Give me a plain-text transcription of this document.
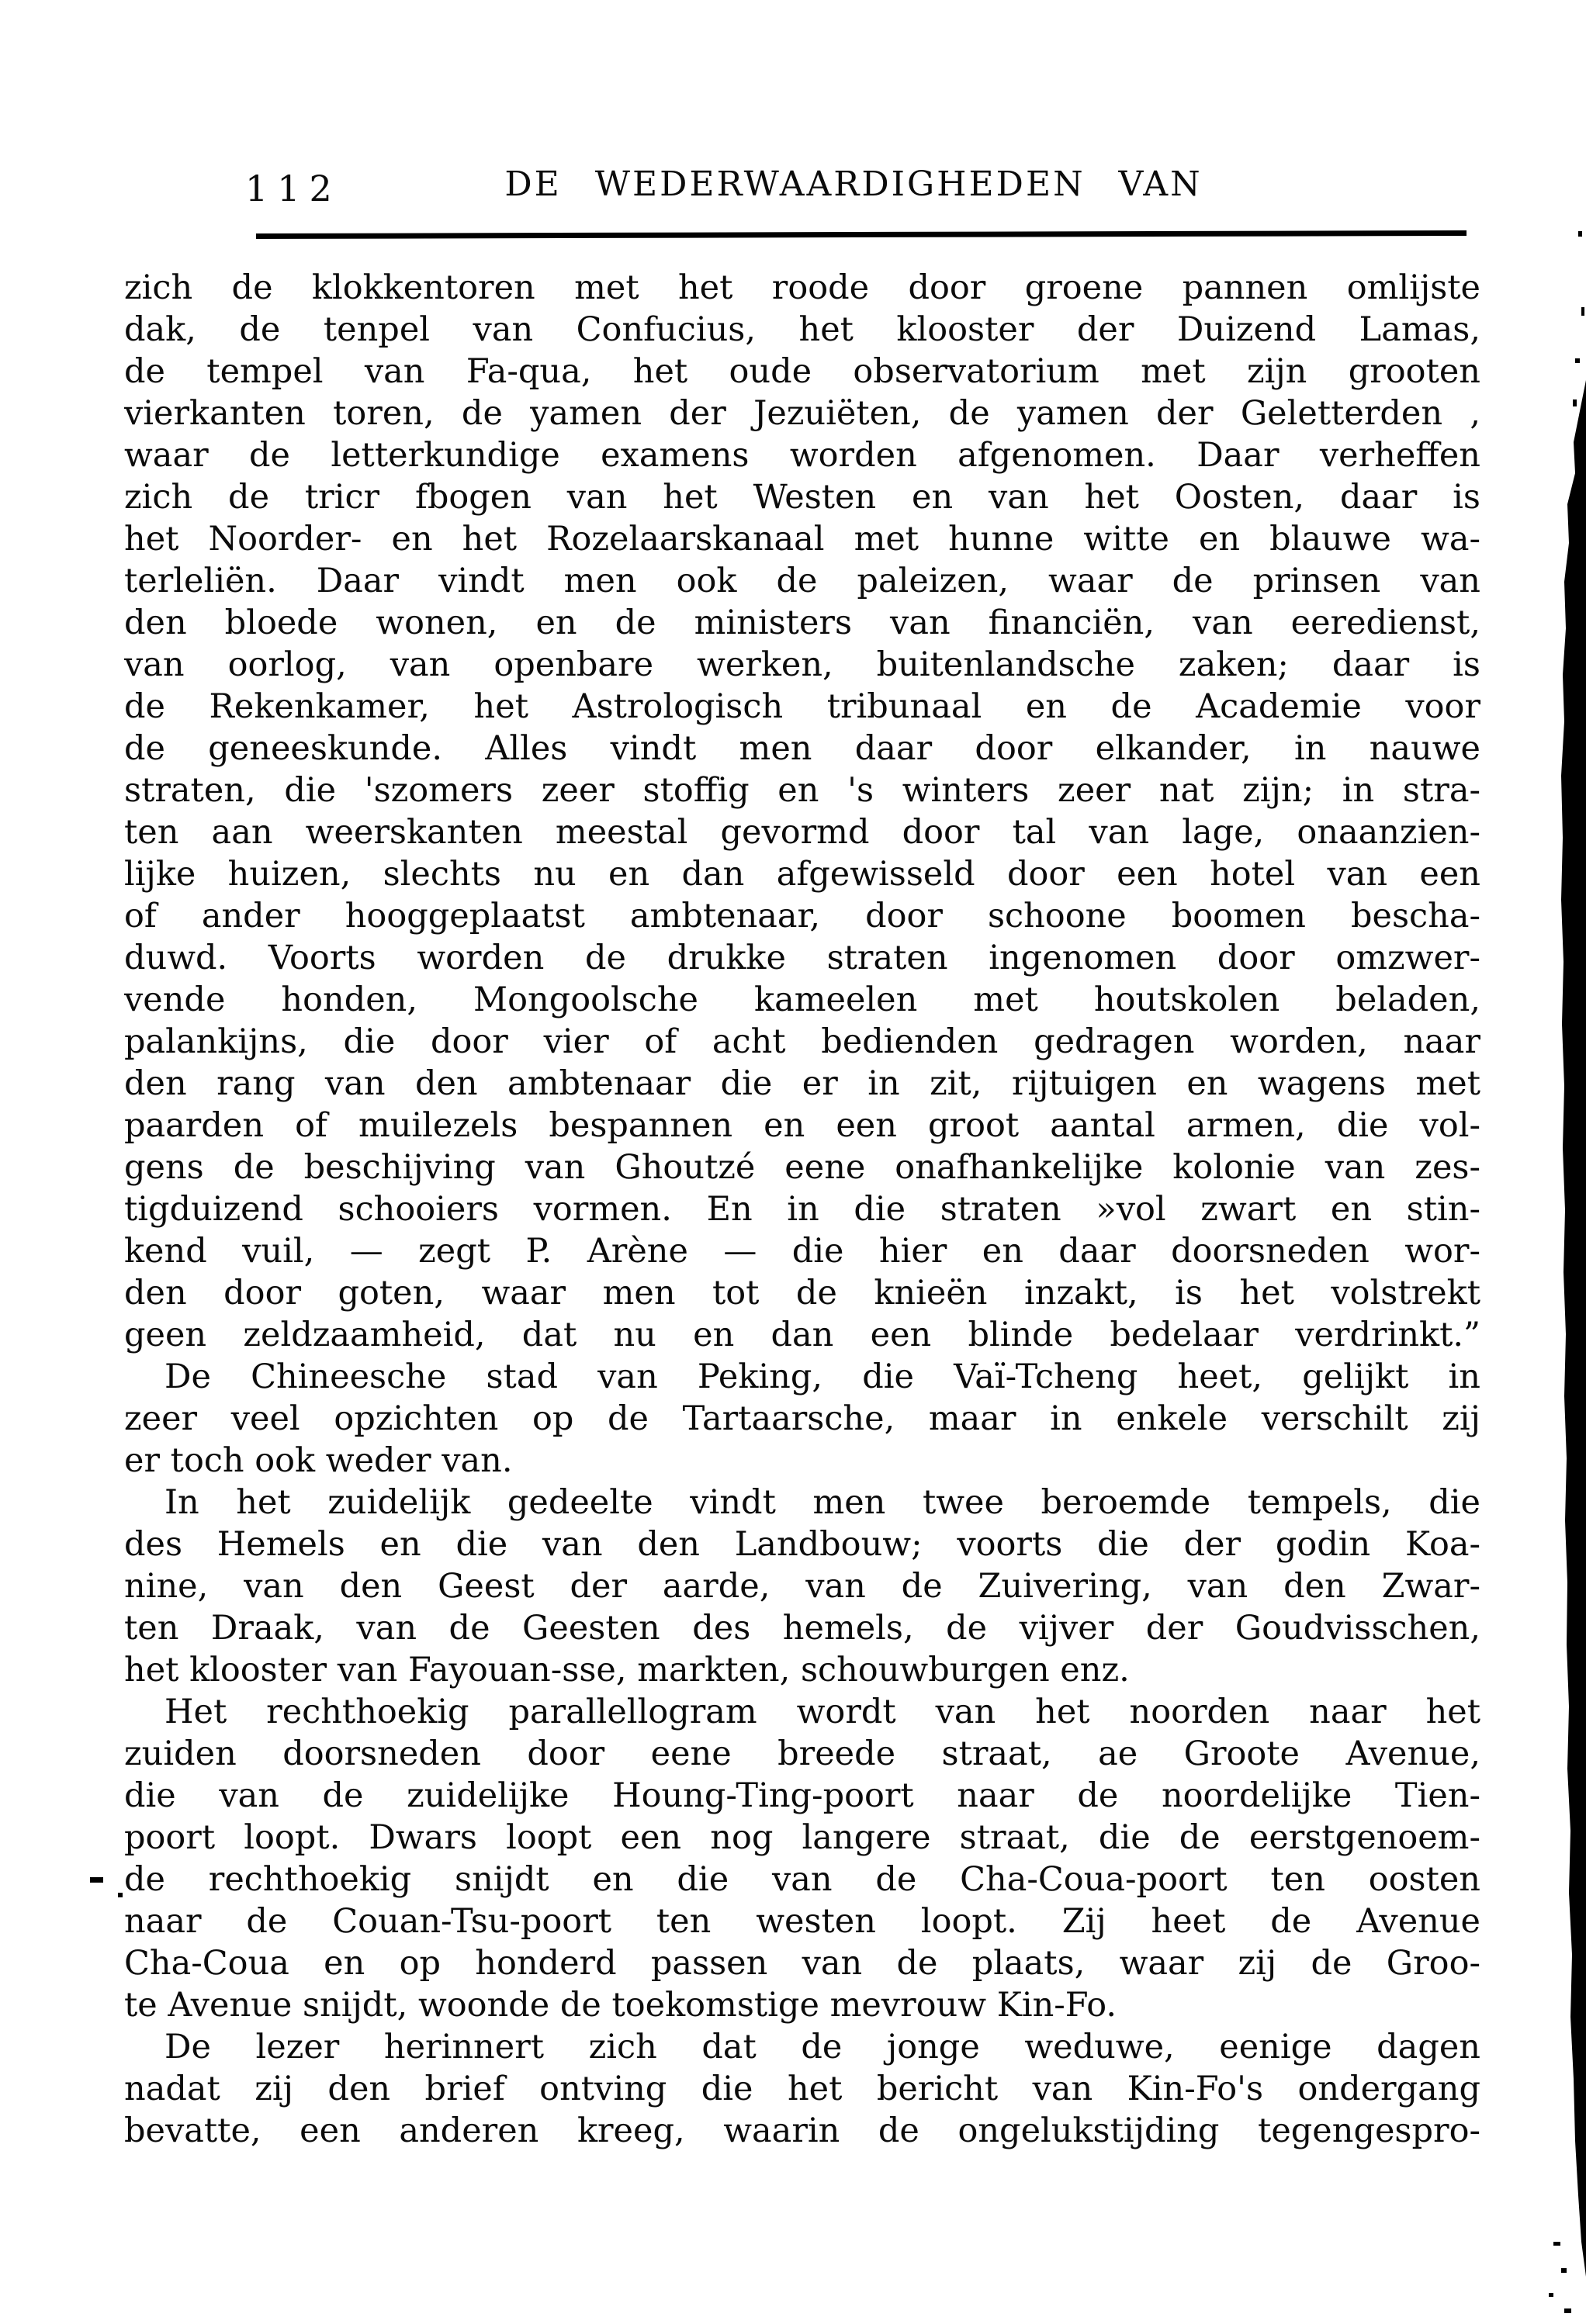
112	DE WEDERWAARDIGHEDEN VAN
zich de klokkentoren met het roode door groene pannen omlijste
dak, de tenpel van Confucius, het klooster der Duizend Lamas,
de tempel van Fa-qua, het oude observatorium met zijn grooten
vierkanten toren, de yamen der Jezuiëten, de yamen der Geletterden ,
waar de letterkundige examens worden afgenomen. Daar verheffen
zich de tricr fbogen van het Westen en van het Oosten, daar is
het Noorder- en het Rozelaarskanaal met hunne witte en blauwe wa-
terleliën. Daar vindt men ook de paleizen, waar de prinsen van
den bloede wonen, en de ministers van financiën, van eeredienst,
van oorlog, van openbare werken, buitenlandsche zaken; daar is
de Rekenkamer, het Astrologisch tribunaal en de Academie voor
de geneeskunde. Alles vindt men daar door elkander, in nauwe
straten, die 'szomers zeer stoffig en 's winters zeer nat zijn; in stra-
ten aan weerskanten meestal gevormd door tal van lage, onaanzien-
lijke huizen, slechts nu en dan afgewisseld door een hotel van een
of ander hooggeplaatst ambtenaar, door schoone boomen bescha-
duwd. Voorts worden de drukke straten ingenomen door omzwer-
vende honden, Mongoolsche kameelen met houtskolen beladen,
palankijns, die door vier of acht bedienden gedragen worden, naar
den rang van den ambtenaar die er in zit, rijtuigen en wagens met
paarden of muilezels bespannen en een groot aantal armen, die vol-
gens de beschijving van Ghoutzé eene onafhankelijke kolonie van zes-
tigduizend schooiers vormen. En in die straten »vol zwart en stin-
kend vuil, — zegt P. Arène — die hier en daar doorsneden wor-
den door goten, waar men tot de knieën inzakt, is het volstrekt
geen zeldzaamheid, dat nu en dan een blinde bedelaar verdrinkt.”
De Chineesche stad van Peking, die Vaï-Tcheng heet, gelijkt in
zeer veel opzichten op de Tartaarsche, maar in enkele verschilt zij
er toch ook weder van.
In het zuidelijk gedeelte vindt men twee beroemde tempels, die
des Hemels en die van den Landbouw; voorts die der godin Koa-
nine, van den Geest der aarde, van de Zuivering, van den Zwar-
ten Draak, van de Geesten des hemels, de vijver der Goudvisschen,
het klooster van Fayouan-sse, markten, schouwburgen enz.
Het rechthoekig parallellogram wordt van het noorden naar het
zuiden doorsneden door eene breede straat, ae Groote Avenue,
die van de zuidelijke Houng-Ting-poort naar de noordelijke Tien-
poort loopt. Dwars loopt een nog langere straat, die de eerstgenoem-
de rechthoekig snijdt en die van de Cha-Coua-poort ten oosten
naar de Couan-Tsu-poort ten westen loopt. Zij heet de Avenue
Cha-Coua en op honderd passen van de plaats, waar zij de Groo-
te Avenue snijdt, woonde de toekomstige mevrouw Kin-Fo.
De lezer herinnert zich dat de jonge weduwe, eenige dagen
nadat zij den brief ontving die het bericht van Kin-Fo's ondergang
bevatte, een anderen kreeg, waarin de ongelukstijding tegengespro-
